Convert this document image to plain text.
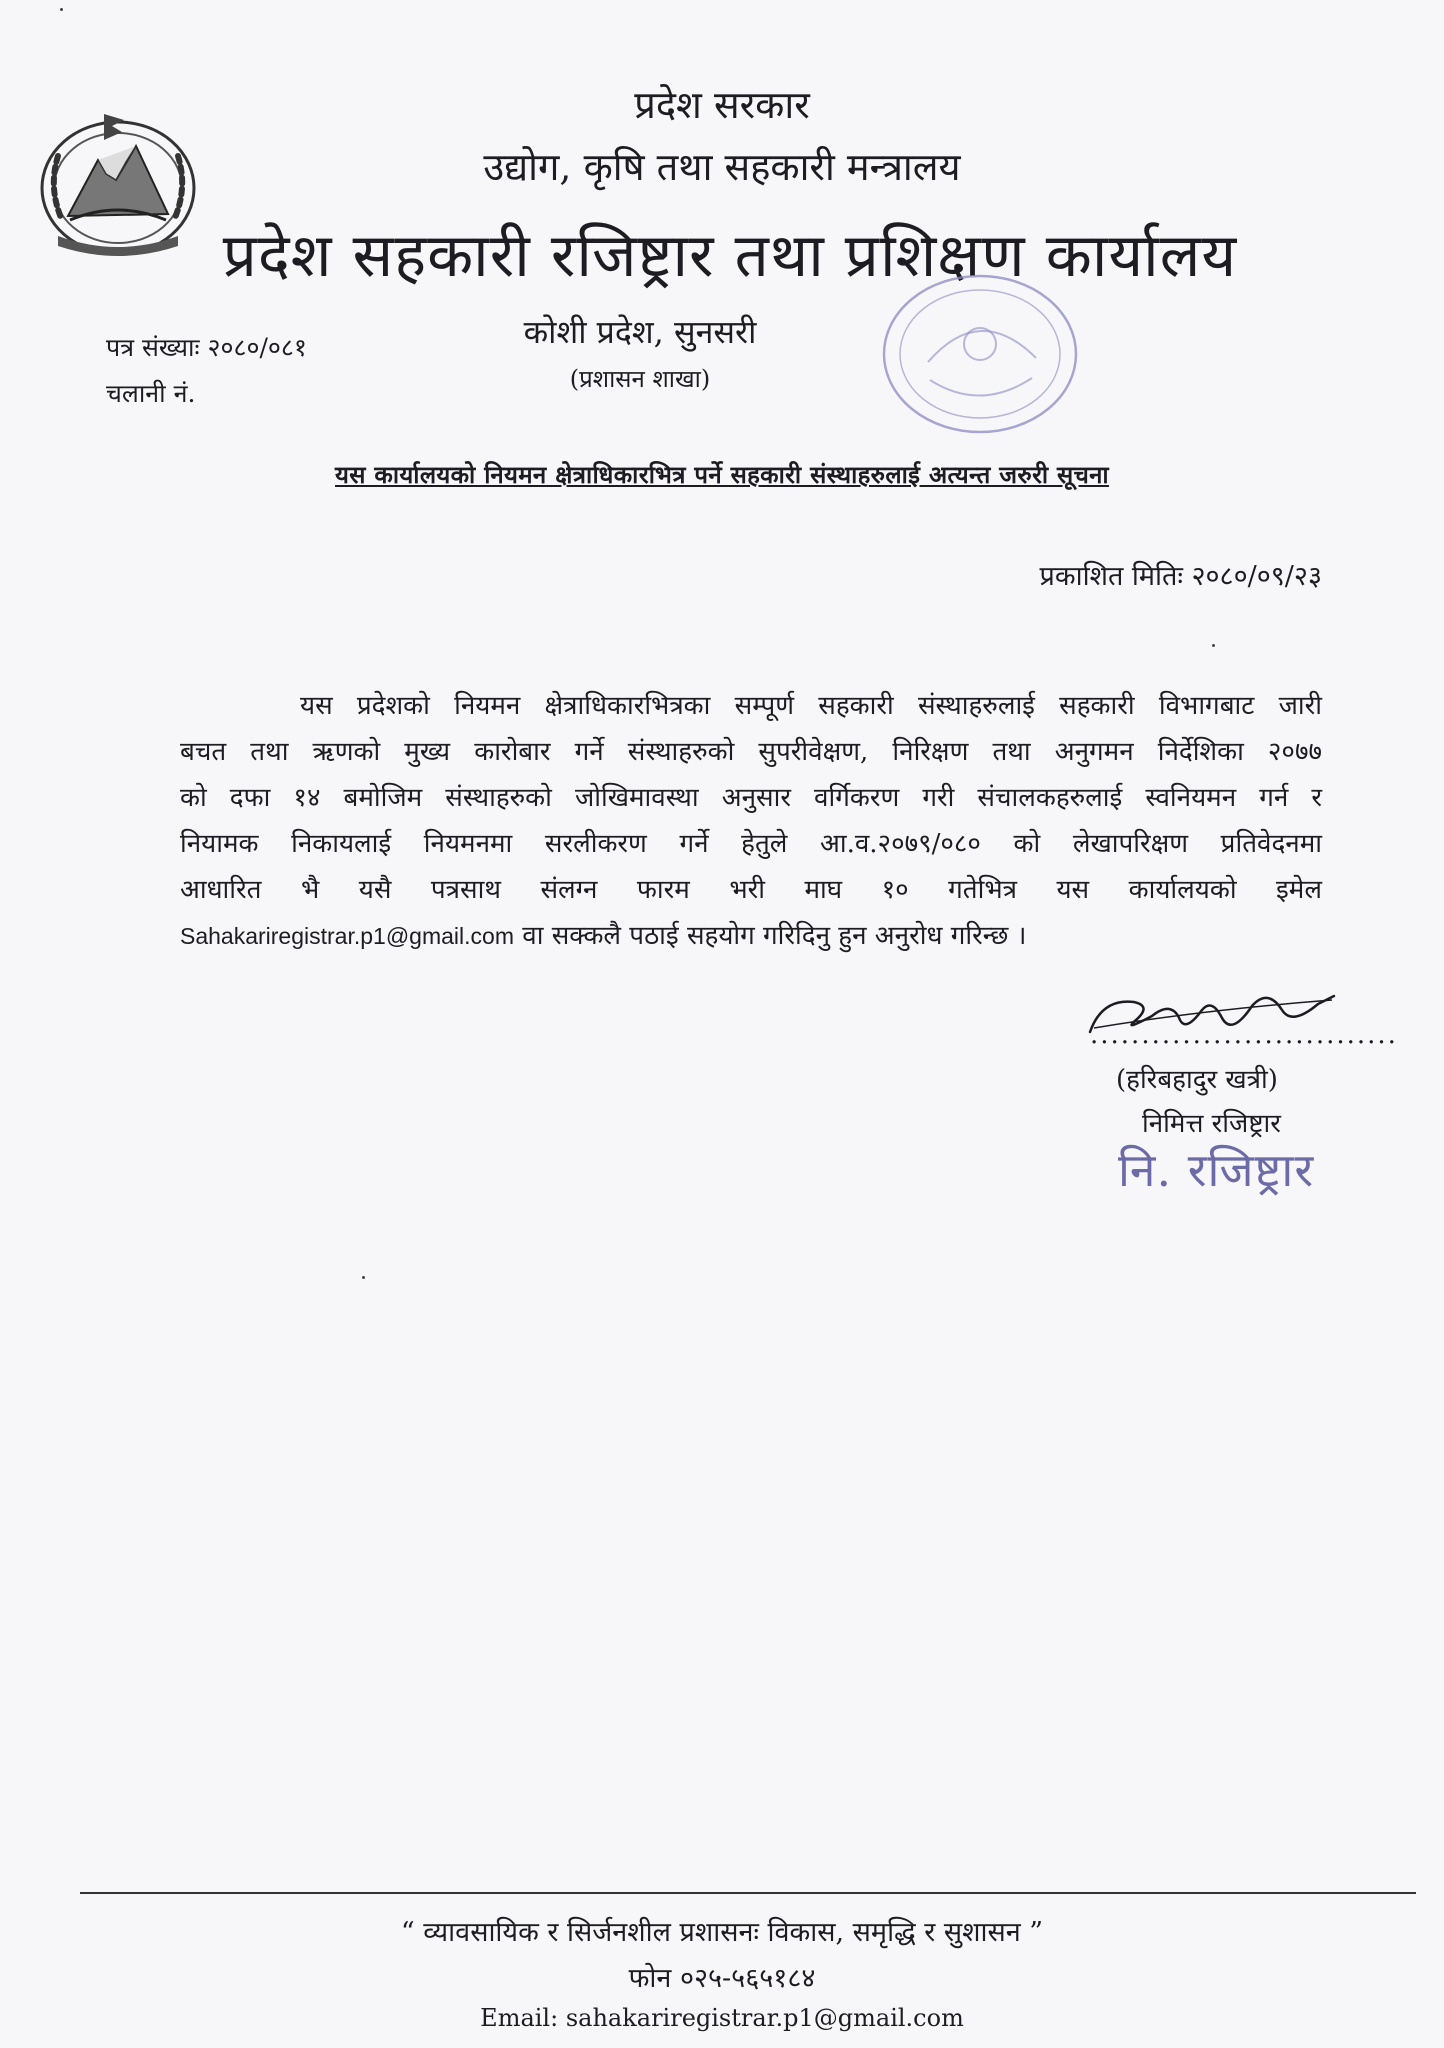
प्रदेश सरकार
उद्योग, कृषि तथा सहकारी मन्त्रालय
प्रदेश सहकारी रजिष्ट्रार तथा प्रशिक्षण कार्यालय
कोशी प्रदेश, सुनसरी
(प्रशासन शाखा)
पत्र संख्याः २०८०/०८१
चलानी नं.
यस कार्यालयको नियमन क्षेत्राधिकारभित्र पर्ने सहकारी संस्थाहरुलाई अत्यन्त जरुरी सूचना
प्रकाशित मितिः २०८०/०९/२३
यस प्रदेशको नियमन क्षेत्राधिकारभित्रका सम्पूर्ण सहकारी संस्थाहरुलाई सहकारी विभागबाट जारी
बचत तथा ऋणको मुख्य कारोबार गर्ने संस्थाहरुको सुपरीवेक्षण, निरिक्षण तथा अनुगमन निर्देशिका २०७७
को दफा १४ बमोजिम संस्थाहरुको जोखिमावस्था अनुसार वर्गिकरण गरी संचालकहरुलाई स्वनियमन गर्न र
नियामक निकायलाई नियमनमा सरलीकरण गर्ने हेतुले आ.व.२०७९/०८० को लेखापरिक्षण प्रतिवेदनमा
आधारित भै यसै पत्रसाथ संलग्न फारम भरी माघ १० गतेभित्र यस कार्यालयको इमेल
Sahakariregistrar.p1@gmail.com वा सक्कलै पठाई सहयोग गरिदिनु हुन अनुरोध गरिन्छ ।
..............................
(हरिबहादुर खत्री)
निमित्त रजिष्ट्रार
नि. रजिष्ट्रार
“ व्यावसायिक र सिर्जनशील प्रशासनः विकास, समृद्धि र सुशासन ”
फोन ०२५-५६५१८४
Email: sahakariregistrar.p1@gmail.com
